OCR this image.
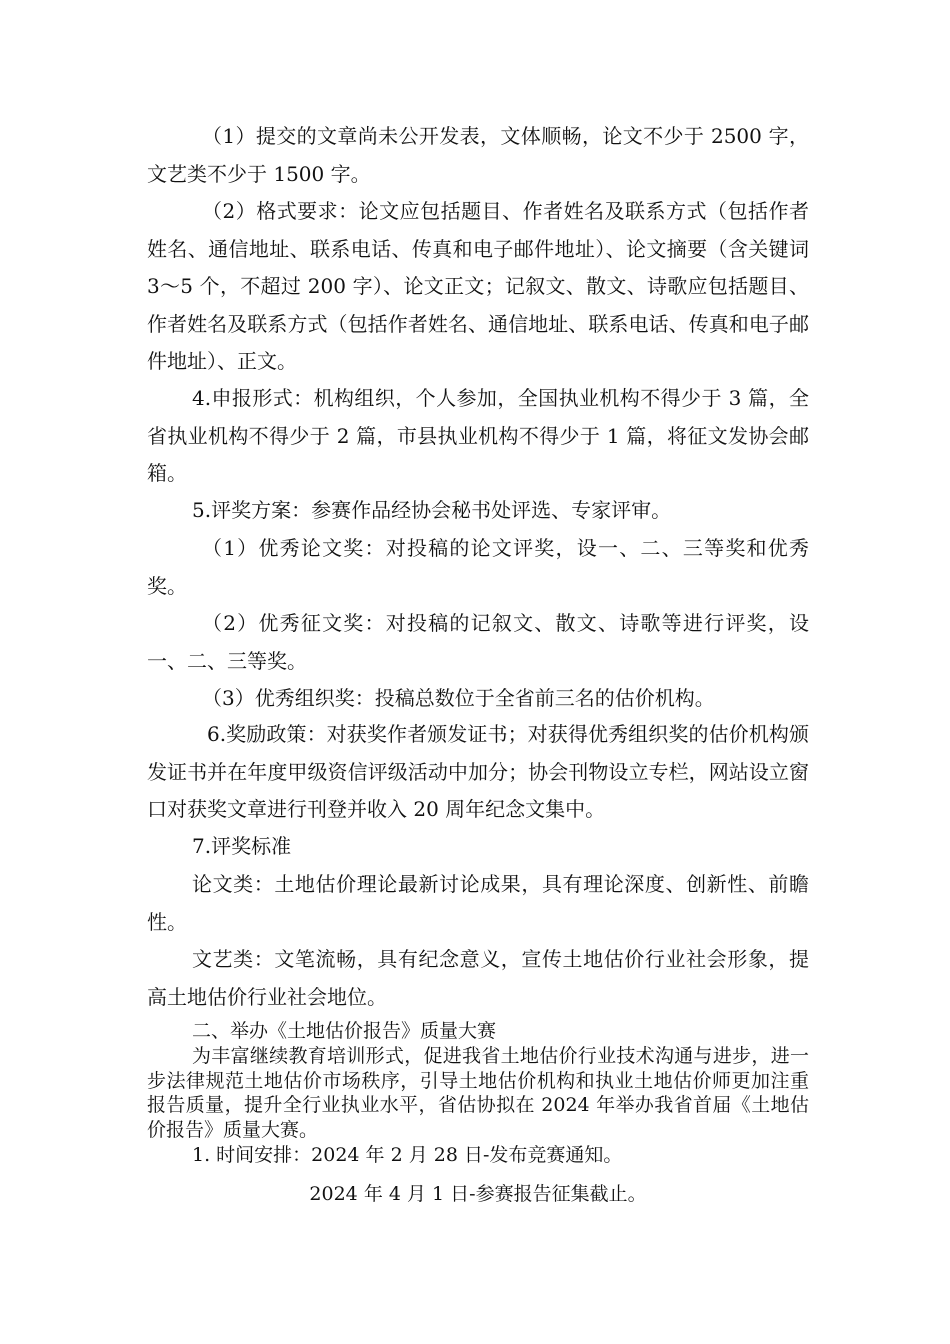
（1）提交的文章尚未公开发表，文体顺畅，论文不少于 2500 字，文艺类不少于 1500 字。

（2）格式要求：论文应包括题目、作者姓名及联系方式（包括作者姓名、通信地址、联系电话、传真和电子邮件地址）、论文摘要（含关键词 3～5 个，不超过 200 字）、论文正文；记叙文、散文、诗歌应包括题目、作者姓名及联系方式（包括作者姓名、通信地址、联系电话、传真和电子邮件地址）、正文。

4.申报形式：机构组织，个人参加，全国执业机构不得少于 3 篇，全省执业机构不得少于 2 篇，市县执业机构不得少于 1 篇，将征文发协会邮箱。

5.评奖方案：参赛作品经协会秘书处评选、专家评审。

（1）优秀论文奖：对投稿的论文评奖，设一、二、三等奖和优秀奖。

（2）优秀征文奖：对投稿的记叙文、散文、诗歌等进行评奖，设一、二、三等奖。

（3）优秀组织奖：投稿总数位于全省前三名的估价机构。

6.奖励政策：对获奖作者颁发证书；对获得优秀组织奖的估价机构颁发证书并在年度甲级资信评级活动中加分；协会刊物设立专栏，网站设立窗口对获奖文章进行刊登并收入 20 周年纪念文集中。

7.评奖标准

论文类：土地估价理论最新讨论成果，具有理论深度、创新性、前瞻性。

文艺类：文笔流畅，具有纪念意义，宣传土地估价行业社会形象，提高土地估价行业社会地位。

二、举办《土地估价报告》质量大赛

为丰富继续教育培训形式，促进我省土地估价行业技术沟通与进步，进一步法律规范土地估价市场秩序，引导土地估价机构和执业土地估价师更加注重报告质量，提升全行业执业水平，省估协拟在 2024 年举办我省首届《土地估价报告》质量大赛。

1. 时间安排：2024 年 2 月 28 日-发布竞赛通知。

2024 年 4 月 1 日-参赛报告征集截止。
